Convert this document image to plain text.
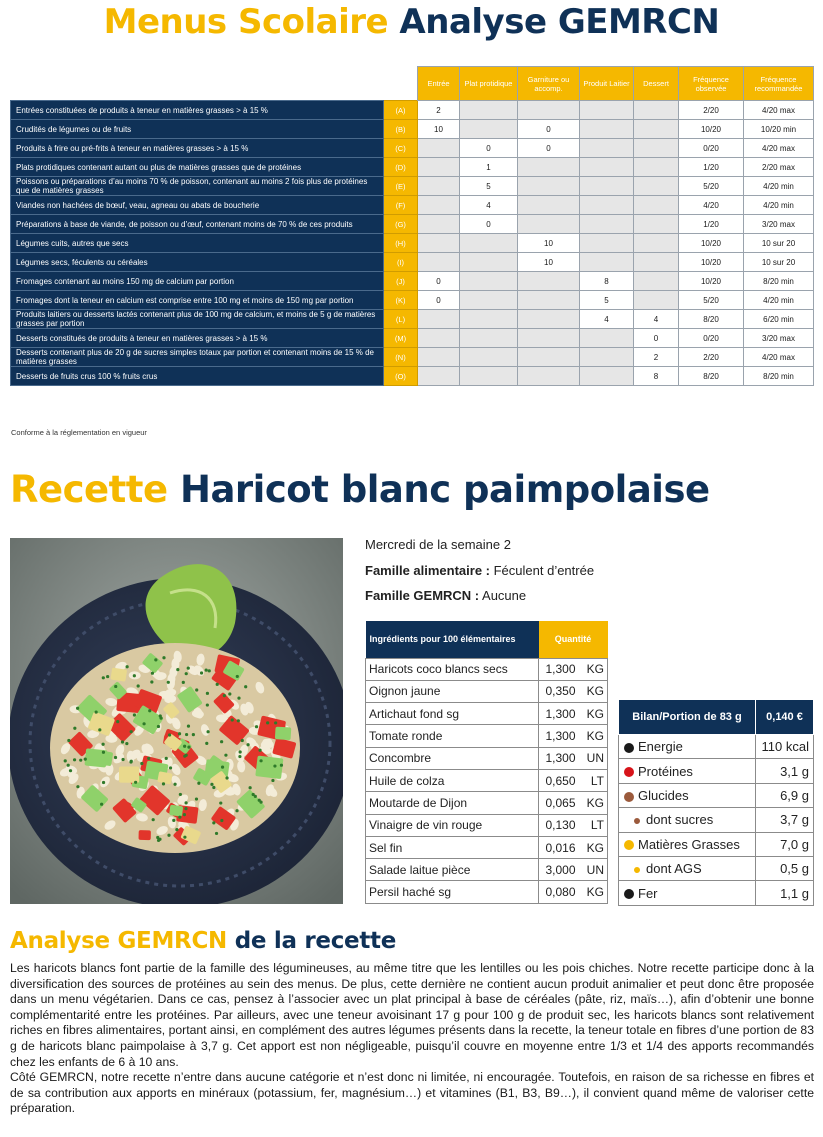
Menus Scolaire Analyse GEMRCN
		Entrée	Plat protidique	Garniture ou accomp.	Produit Laitier	Dessert	Fréquence observée	Fréquence recommandée
Entrées constituées de produits à teneur en matières grasses > à 15 %	(A)	2					2/20	4/20 max
Crudités de légumes ou de fruits	(B)	10		0			10/20	10/20 min
Produits à frire ou pré-frits à teneur en matières grasses > à 15 %	(C)		0	0			0/20	4/20 max
Plats protidiques contenant autant ou plus de matières grasses que de protéines	(D)		1				1/20	2/20 max
Poissons ou préparations d’au moins 70 % de poisson, contenant au moins 2 fois plus de protéines que de matières grasses	(E)		5				5/20	4/20 min
Viandes non hachées de bœuf, veau, agneau ou abats de boucherie	(F)		4				4/20	4/20 min
Préparations à base de viande, de poisson ou d’œuf, contenant moins de 70 % de ces produits	(G)		0				1/20	3/20 max
Légumes cuits, autres que secs	(H)			10			10/20	10 sur 20
Légumes secs, féculents ou céréales	(I)			10			10/20	10 sur 20
Fromages contenant au moins 150 mg de calcium par portion	(J)	0			8		10/20	8/20 min
Fromages dont la teneur en calcium est comprise entre 100 mg et moins de 150 mg par portion	(K)	0			5		5/20	4/20 min
Produits laitiers ou desserts lactés contenant plus de 100 mg de calcium, et moins de 5 g de matières grasses par portion	(L)				4	4	8/20	6/20 min
Desserts constitués de produits à teneur en matières grasses > à 15 %	(M)					0	0/20	3/20 max
Desserts contenant plus de 20 g de sucres simples totaux par portion et contenant moins de 15 % de matières grasses	(N)					2	2/20	4/20 max
Desserts de fruits crus 100 % fruits crus	(O)					8	8/20	8/20 min
Conforme à la réglementation en vigueur
Recette Haricot blanc paimpolaise
Mercredi de la semaine 2
Famille alimentaire : Féculent d’entrée
Famille GEMRCN : Aucune
Ingrédients pour 100 élémentaires	Quantité	
Haricots coco blancs secs	1,300	KG
Oignon jaune	0,350	KG
Artichaut fond sg	1,300	KG
Tomate ronde	1,300	KG
Concombre	1,300	UN
Huile de colza	0,650	LT
Moutarde de Dijon	0,065	KG
Vinaigre de vin rouge	0,130	LT
Sel fin	0,016	KG
Salade laitue pièce	3,000	UN
Persil haché sg	0,080	KG
Bilan/Portion de 83 g	0,140 €
Energie	110 kcal
Protéines	3,1 g
Glucides	6,9 g
dont sucres	3,7 g
Matières Grasses	7,0 g
dont AGS	0,5 g
Fer	1,1 g
Analyse GEMRCN de la recette

Les haricots blancs font partie de la famille des légumineuses, au même titre que les lentilles ou les pois chiches. Notre recette participe donc à la diversification des sources de protéines au sein des menus. De plus, cette dernière ne contient aucun produit animalier et peut donc être proposée dans un menu végétarien. Dans ce cas, pensez à l’associer avec un plat principal à base de céréales (pâte, riz, maïs…), afin d’obtenir une bonne complémentarité entre les protéines. Par ailleurs, avec une teneur avoisinant 17 g pour 100 g de produit sec, les haricots blancs sont relativement riches en fibres alimentaires, portant ainsi, en complément des autres légumes présents dans la recette, la teneur totale en fibres d’une portion de 83 g de haricots blanc paimpolaise à 3,7 g. Cet apport est non négligeable, puisqu’il couvre en moyenne entre 1/3 et 1/4 des apports recommandés chez les enfants de 6 à 10 ans.

Côté GEMRCN, notre recette n’entre dans aucune catégorie et n’est donc ni limitée, ni encouragée. Toutefois, en raison de sa richesse en fibres et de sa contribution aux apports en minéraux (potassium, fer, magnésium…) et vitamines (B1, B3, B9…), il convient quand même de valoriser cette préparation.
